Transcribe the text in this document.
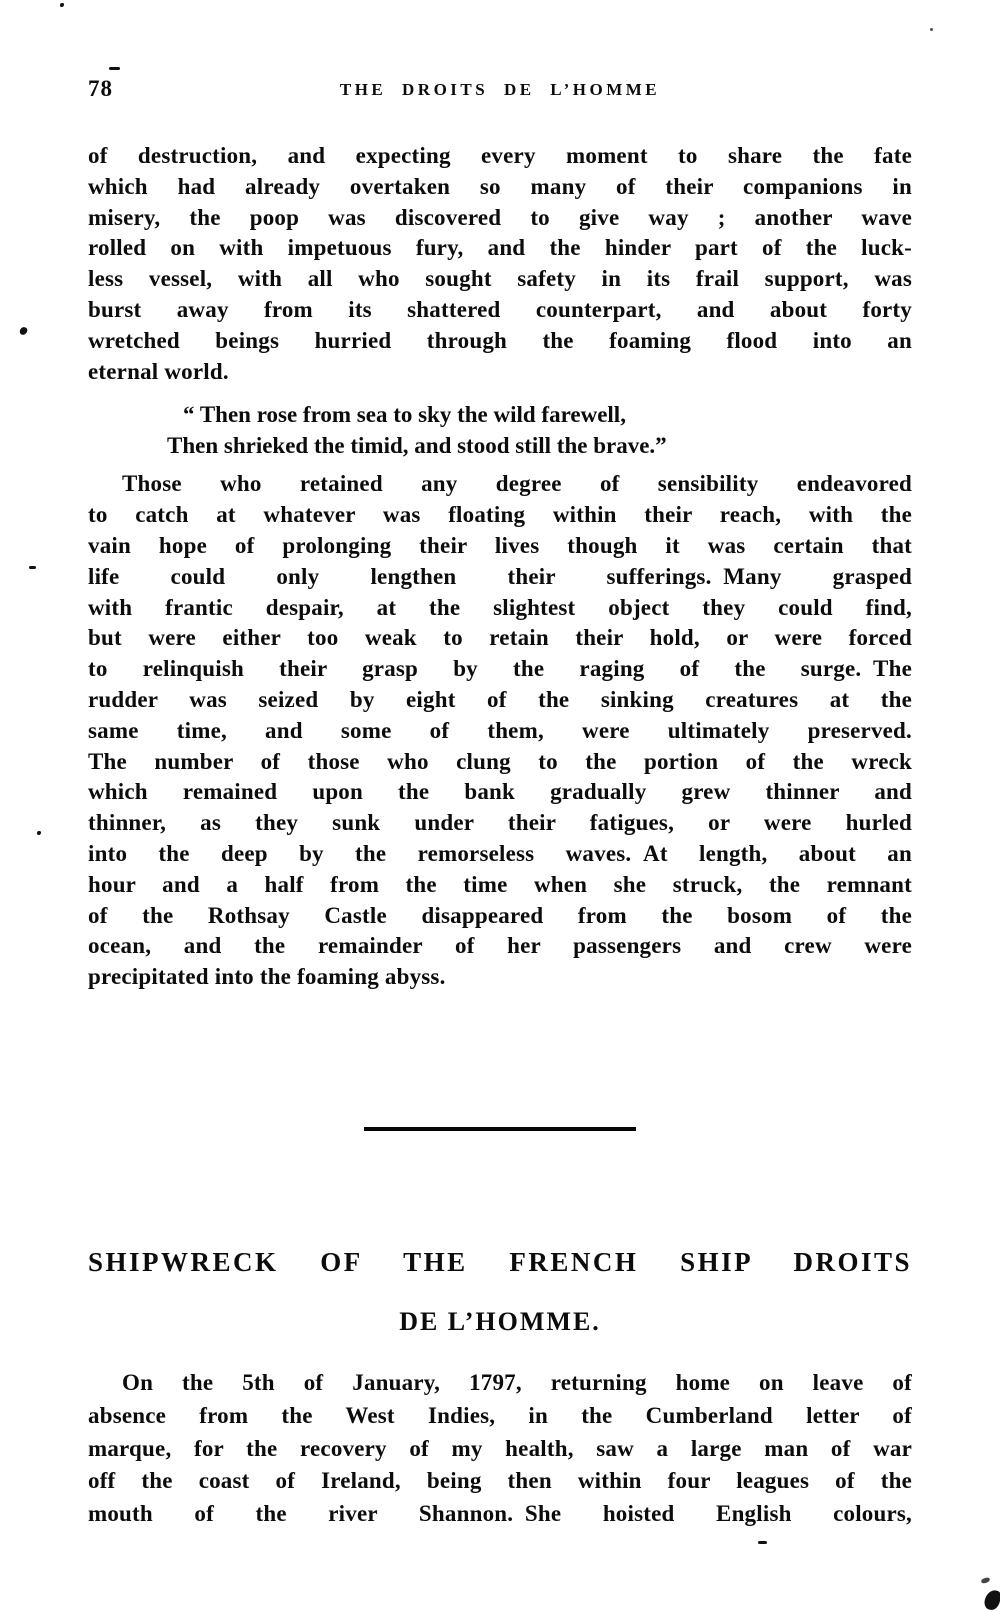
78	THE DROITS DE L’HOMME
of destruction, and expecting every moment to share the fate
which had already overtaken so many of their companions in
misery, the poop was discovered to give way ; another wave
rolled on with impetuous fury, and the hinder part of the luck-
less vessel, with all who sought safety in its frail support, was
burst away from its shattered counterpart, and about forty
wretched beings hurried through the foaming flood into an
eternal world.
“ Then rose from sea to sky the wild farewell,
Then shrieked the timid, and stood still the brave.”
Those who retained any degree of sensibility endeavored
to catch at whatever was floating within their reach, with the
vain hope of prolonging their lives though it was certain that
life could only lengthen their sufferings. Many grasped
with frantic despair, at the slightest object they could find,
but were either too weak to retain their hold, or were forced
to relinquish their grasp by the raging of the surge. The
rudder was seized by eight of the sinking creatures at the
same time, and some of them, were ultimately preserved.
The number of those who clung to the portion of the wreck
which remained upon the bank gradually grew thinner and
thinner, as they sunk under their fatigues, or were hurled
into the deep by the remorseless waves. At length, about an
hour and a half from the time when she struck, the remnant
of the Rothsay Castle disappeared from the bosom of the
ocean, and the remainder of her passengers and crew were
precipitated into the foaming abyss.
SHIPWRECK OF THE FRENCH SHIP DROITS
DE L’HOMME.
On the 5th of January, 1797, returning home on leave of
absence from the West Indies, in the Cumberland letter of
marque, for the recovery of my health, saw a large man of war
off the coast of Ireland, being then within four leagues of the
mouth of the river Shannon. She hoisted English colours,
